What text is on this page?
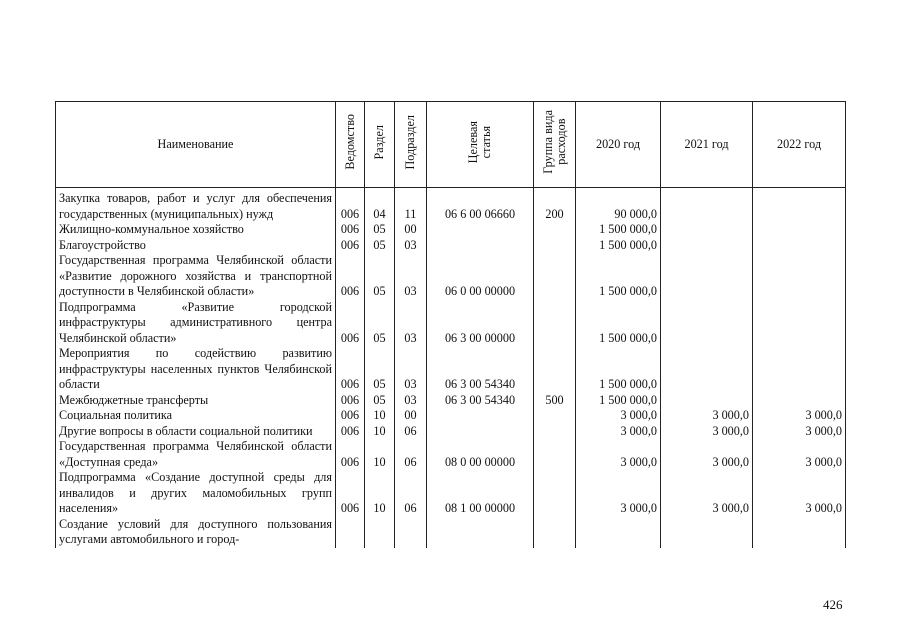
Наименование	Ведомство	Раздел	Подраздел	Целевая статья	Группа вида расходов	2020 год	2021 год	2022 год
Закупка товаров, работ и услуг для обеспечения государственных (муниципальных) нужд	006	04	11	06 6 00 06660	200	90 000,0		
Жилищно-коммунальное хозяйство	006	05	00			1 500 000,0		
Благоустройство	006	05	03			1 500 000,0		
Государственная программа Челябинской области «Развитие дорожного хозяйства и транспортной доступности в Челябинской области»	006	05	03	06 0 00 00000		1 500 000,0		
Подпрограмма «Развитие городской инфраструктуры административного центра Челябинской области»	006	05	03	06 3 00 00000		1 500 000,0		
Мероприятия по содействию развитию инфраструктуры населенных пунктов Челябинской области	006	05	03	06 3 00 54340		1 500 000,0		
Межбюджетные трансферты	006	05	03	06 3 00 54340	500	1 500 000,0		
Социальная политика	006	10	00			3 000,0	3 000,0	3 000,0
Другие вопросы в области социальной политики	006	10	06			3 000,0	3 000,0	3 000,0
Государственная программа Челябинской области «Доступная среда»	006	10	06	08 0 00 00000		3 000,0	3 000,0	3 000,0
Подпрограмма «Создание доступной среды для инвалидов и других маломобильных групп населения»	006	10	06	08 1 00 00000		3 000,0	3 000,0	3 000,0
Создание условий для доступного пользования услугами автомобильного и город-								
426
